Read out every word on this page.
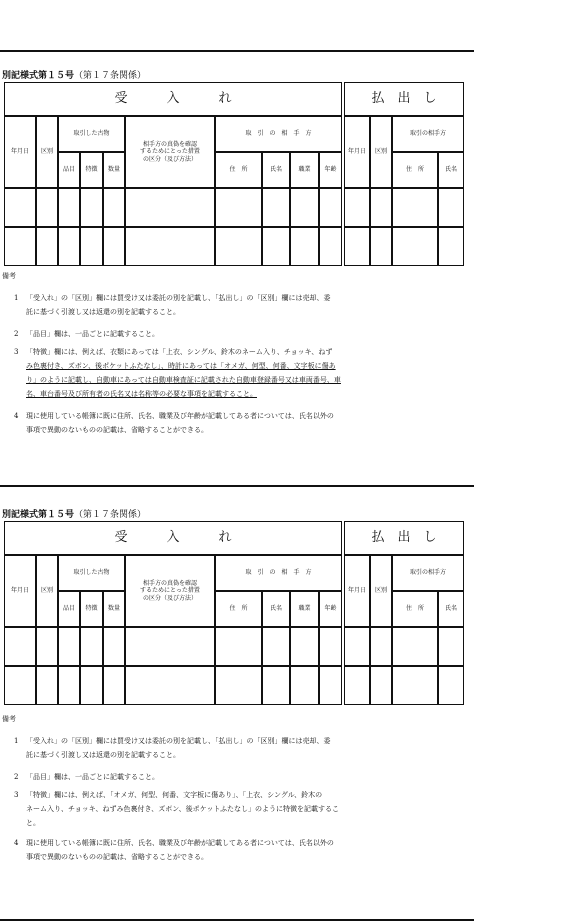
別記様式第１５号（第１７条関係）
受　　　入　　　れ	払　出　し
年月日	区別
取引した古物
品目	特徴	数量
相手方の真偽を確認
するためにとった措置
の区分（及び方法）
取　引　の　相　手　方
住　所	氏名	職業	年齢
年月日	区別
取引の相手方
住　所	氏名
備考
1 「受入れ」の「区別」欄には買受け又は委託の別を記載し、「払出し」の「区別」欄には売却、委
託に基づく引渡し又は返還の別を記載すること。
2 「品目」欄は、一品ごとに記載すること。
3 「特徴」欄には、例えば、衣類にあっては「上衣、シングル、鈴木のネーム入り、チョッキ、ねず
み色裏付き、ズボン、後ポケットふたなし」、時計にあっては「オメガ、何型、何番、文字板に傷あ
り」のように記載し、自動車にあっては自動車検査証に記載された自動車登録番号又は車両番号、車
名、車台番号及び所有者の氏名又は名称等の必要な事項を記載すること。
4 現に使用している帳簿に既に住所、氏名、職業及び年齢が記載してある者については、氏名以外の
事項で異動のないものの記載は、省略することができる。
別記様式第１５号（第１７条関係）
受　　　入　　　れ	払　出　し
年月日	区別
取引した古物
品目	特徴	数量
相手方の真偽を確認
するためにとった措置
の区分（及び方法）
取　引　の　相　手　方
住　所	氏名	職業	年齢
年月日	区別
取引の相手方
住　所	氏名
備考
1 「受入れ」の「区別」欄には買受け又は委託の別を記載し、「払出し」の「区別」欄には売却、委
託に基づく引渡し又は返還の別を記載すること。
2 「品目」欄は、一品ごとに記載すること。
3 「特徴」欄には、例えば、「オメガ、何型、何番、文字板に傷あり」、「上衣、シングル、鈴木の
ネーム入り、チョッキ、ねずみ色裏付き、ズボン、後ポケットふたなし」のように特徴を記載するこ
と。
4 現に使用している帳簿に既に住所、氏名、職業及び年齢が記載してある者については、氏名以外の
事項で異動のないものの記載は、省略することができる。
